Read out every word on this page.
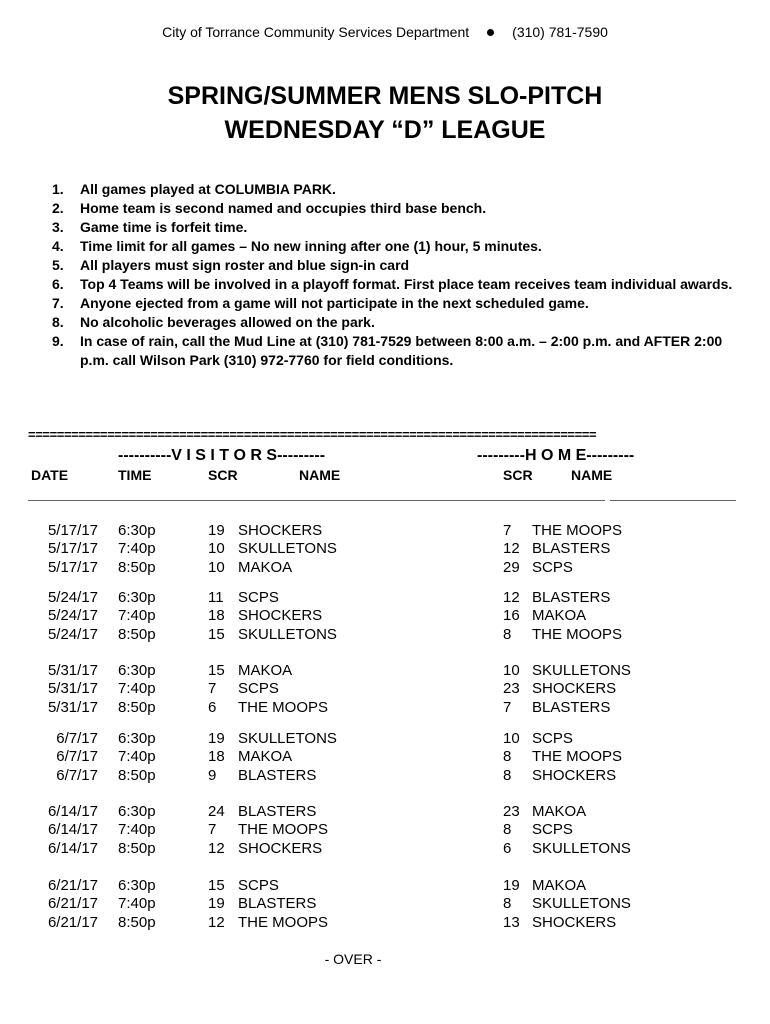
City of Torrance Community Services Department	(310) 781-7590
SPRING/SUMMER MENS SLO-PITCH
WEDNESDAY “D” LEAGUE
1. All games played at COLUMBIA PARK.
2. Home team is second named and occupies third base bench.
3. Game time is forfeit time.
4. Time limit for all games – No new inning after one (1) hour, 5 minutes.
5. All players must sign roster and blue sign-in card
6. Top 4 Teams will be involved in a playoff format. First place team receives team individual awards.
7. Anyone ejected from a game will not participate in the next scheduled game.
8. No alcoholic beverages allowed on the park.
9. In case of rain, call the Mud Line at (310) 781-7529 between 8:00 a.m. – 2:00 p.m. and AFTER 2:00 p.m. call Wilson Park (310) 972-7760 for field conditions.
===============================================================================
----------V I S I T O R S---------	---------H O M E---------
DATE	TIME	SCR	NAME	SCR	NAME
5/17/17 6:30p	19 SHOCKERS	7 THE MOOPS
5/17/17 7:40p	10 SKULLETONS	12 BLASTERS
5/17/17 8:50p	10 MAKOA	29 SCPS
5/24/17 6:30p	11 SCPS	12 BLASTERS
5/24/17 7:40p	18 SHOCKERS	16 MAKOA
5/24/17 8:50p	15 SKULLETONS	8 THE MOOPS
5/31/17 6:30p	15 MAKOA	10 SKULLETONS
5/31/17 7:40p	7 SCPS	23 SHOCKERS
5/31/17 8:50p	6 THE MOOPS	7 BLASTERS
6/7/17 6:30p	19 SKULLETONS	10 SCPS
6/7/17 7:40p	18 MAKOA	8 THE MOOPS
6/7/17 8:50p	9 BLASTERS	8 SHOCKERS
6/14/17 6:30p	24 BLASTERS	23 MAKOA
6/14/17 7:40p	7 THE MOOPS	8 SCPS
6/14/17 8:50p	12 SHOCKERS	6 SKULLETONS
6/21/17 6:30p	15 SCPS	19 MAKOA
6/21/17 7:40p	19 BLASTERS	8 SKULLETONS
6/21/17 8:50p	12 THE MOOPS	13 SHOCKERS
- OVER -
